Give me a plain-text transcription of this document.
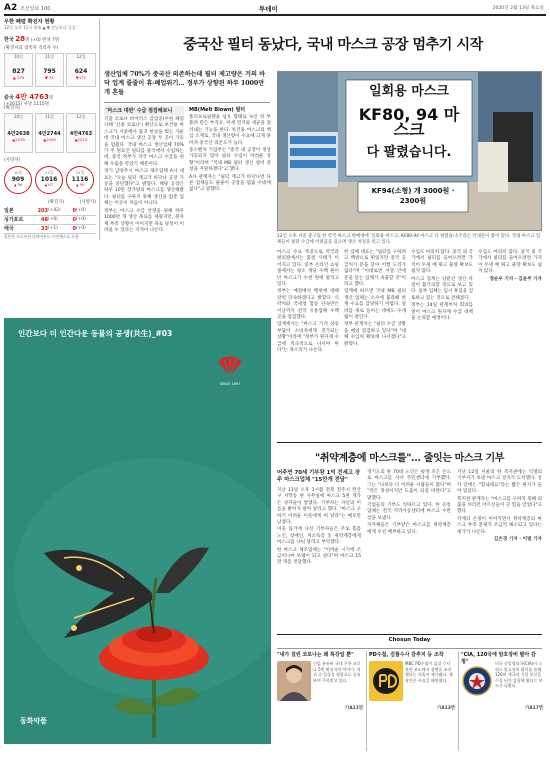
A2 조선일보 100	투데이	2020년 2월 13일 목요일
우한 폐렴 확진자 현황
12일 오후 11시 현재 ▲ ▼ 전날보다 증감
한국 28명 (+0) 완치 7명
(확진자의 접촉자 격리자 수)
10일
827
▲ 229
11일
795
▼ 32
12일
624
▼171
중국 4만 4763명
(+2015) 사망 1115명
(확진자)
10일
4만2638
▲2478
11일
4만2744
▲2008
12일
4만4763
▲2015
(사망자)
10일
909
▲ 96
11일
1016
▲107
12일
1116
▲ 99
(확진자)	(사망자)
일본	203 (+42)	0 (+0)
싱가포르	48 (+0)	0 (+0)
태국	33 (+1)	0 (+0)
일본은 크루즈선 다이아몬드 프린세스호 포함
중국산 필터 동났다, 국내 마스크 공장 멈추기 시작
생산업체 70%가 중국산 의존하는데 필터 제고량은 거의 바닥 업계 줄줄이 휴·폐업위기… 정부가 상향된 하루 1000만개 흔들
'마스크 대란' 수급 점검해보니

식품 코로나 바이러스 감염증(우한 폐렴 사태 '신종 코로나') 확산으로 보건용 마스크가 시중에서 품귀 현상을 빚는 가운데 국내 마스크 생산 공장 두 곳이 가동을 멈췄다. 국내 마스크 생산업체 70%가 주 원료인 필터를 중국에서 수입하는데, 중국 정부가 자국 마스크 수급을 위해 수출을 막았기 때문이다.

경기 남양주시 마스크 제조업체 A사 대표는 "오늘 필터 재고가 바닥나 공장 가동을 중단했다"고 밝혔다. 해당 공장은 하루 10만 장가량의 마스크를 생산해왔다. 필터를 구하지 못해 생산을 멈춘 업체는 이곳이 처음이 아니다.

정부는 마스크 수급 안정을 위해 하루 1000만 개 생산 목표를 세웠지만, 원자재 부족 상황이 이어지면 목표 달성이 어려울 수 있다는 지적이 나온다.

MB(Melt Blown) 필터

폴리프로필렌을 섬유 형태로 녹인 뒤 부풀려 만든 부직포. 미세 먼지와 세균을 걸러내는 기능을 한다. 보건용 마스크의 핵심 소재로, 국내 생산량이 수요에 크게 못 미쳐 중국산 의존도가 높다.

중소벤처 기업부는 "중국 내 공장이 정상 가동되지 않아 필터 수입이 어려운 상황"이라며 "국내 MB 필터 생산 설비 증설을 지원하겠다"고 했다.

A사 관계자는 "필터 재고가 바닥나면 다른 업체들도 줄줄이 공장을 멈출 수밖에 없다"고 말했다.

일회용 마스크
KF80, 94 마스크
다 팔렸습니다.
KF94(소형) 개 3000원 · 2300원
12일 오후 서울 중구의 한 약국 마스크 판매대에 '일회용 마스크, KF80·94 마스크 다 팔렸습니다'라는 안내문이 붙어 있다. 국내 마스크 업체들이 필터 수급에 어려움을 겪으며 생산 차질을 빚고 있다.

마스크 수요 폭증으로 약국과 편의점에서는 품절 사태가 이어지고 있다. 일부 온라인 쇼핑몰에서는 평소 개당 수백 원이던 마스크가 수천 원에 팔리고 있다.

정부는 매점매석 행위에 대해 강력 단속하겠다고 밝혔다. 식약처와 국세청 합동 단속반은 이날까지 전국 유통업체 수백 곳을 점검했다.

업계에서는 "마스크 가격 상승 부담이 소비자에게 전가되는 상황"이라며 "정부가 원자재 수급에 적극적으로 나서야 한다"는 목소리가 나온다.

한 업체 대표는 "필터를 구하려고 백방으로 뛰었지만 중국 공급처가 문을 닫아 어쩔 도리가 없다"며 "이대로면 이달 안에 문을 닫는 업체가 속출할 것"이라고 했다.

업계에 따르면 국내 MB 필터 생산 업체는 소수에 불과해 현재 수요를 감당하기 어렵다. 설비를 새로 들이는 데에도 수개월이 걸린다.

정부 관계자는 "필터 수급 상황을 매일 점검하고 있다"며 "대체 수입처 확보에 나서겠다"고 밝혔다.

수입도 여의치 않다. 중국 외 국가에서 필터를 들여오려면 가격이 두세 배 뛰고 물량 확보도 쉽지 않다.

마스크 업계는 당분간 생산 차질이 불가피할 것으로 보고 있다. 일부 업체는 임시 휴업을 검토하고 있는 것으로 전해졌다.

정부는 14일 관계부처 회의를 열어 마스크 원자재 수급 대책을 논의할 예정이다.

수입도 여의치 않다. 중국 외 국가에서 필터를 들여오려면 가격이 두세 배 뛰고 물량 확보도 쉽지 않다.

정순우 기자 · 김윤주 기자

인간보다 더 인간다운 동물의 공생(共生)_#03
SINCE 1897
동화약품
"취약계층에 마스크를"… 줄잇는 마스크 기부
어주연 70세 기부왕 1억 전세고 장주 마스크업체 "15만개 전달"

지난 11일 오후 1시쯤 전북 전주시 완산구 서학동 한 사무실에 마스크 5천 개가 든 상자들이 쌓였다. 기부자는 자신의 이름을 밝히지 말아 달라고 했다. "마스크 구하기 어려운 이웃에게 써 달라"는 메모만 남겼다.

이웃 돕기에 나선 기부자들은 주로 홀몸 노인, 장애인, 저소득층 등 취약계층에게 마스크를 나눠 달라고 부탁했다.

한 마스크 제조업체는 "어려운 시기에 조금이나마 보탬이 되고 싶다"며 마스크 15만 개를 전달했다.

경기도의 한 70대 노인은 평생 모은 돈으로 마스크를 사서 주민센터에 기부했다. 그는 "나보다 더 어려운 사람들이 많다"며 "작은 정성이지만 도움이 되길 바란다"고 말했다.

기업들의 기부도 잇따르고 있다. 한 유통업체는 전국 지역아동센터에 마스크 수만 장을 보냈다.

지자체들은 기부받은 마스크를 취약계층에게 우선 배부하고 있다.

지난 12일 서울의 한 복지관에는 익명의 기부자가 보낸 마스크 상자가 도착했다. 상자 안에는 "힘내세요"라는 짧은 편지가 들어 있었다.

복지관 관계자는 "마스크를 구하지 못해 외출을 꺼리던 어르신들이 큰 힘을 얻었다"고 했다.

각계의 온정이 이어지면서 취약계층의 마스크 부족 문제가 조금씩 해소되고 있다는 평가가 나온다.

김은경 기자 · 이벌 기자

Chosun Today
"내가 걸린 코로나는 왜 특강일 뿐"
신입 유튜버 국내 우한 코로나 5번 확진자의 이야기. 격리 중 일상을 영상으로 공유하며 주목받고 있다.
가A11면
PD수첩, 검찰수사 감추지 등 조작
MBC PD수첩이 검찰 수사 관련 보도에서 장면을 조작했다는 의혹이 제기됐다. 제작진은 사실을 해명했다.
가A13면
"CIA, 120국에 암호장비 팔아 감청"	미국 중앙정보국(CIA)이 스위스 암호장비 회사를 통해 120여 개국의 기밀 통신을 수십 년간 감청해 왔다는 보도가 나왔다.
가A17면
